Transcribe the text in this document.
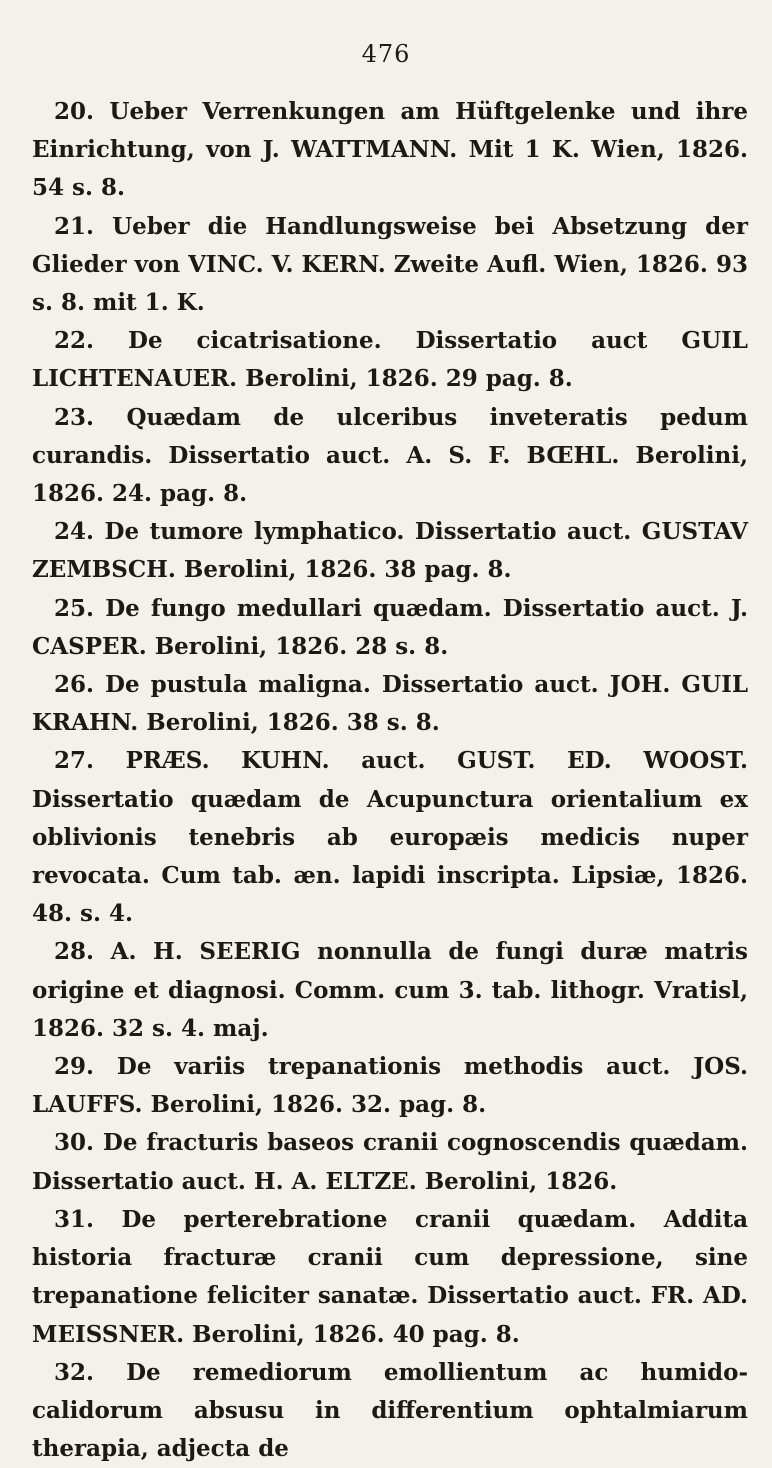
476

20. Ueber Verrenkungen am Hüftgelenke und ihre Einrichtung, von J. WATTMANN. Mit 1 K. Wien, 1826. 54 s. 8.

21. Ueber die Handlungsweise bei Absetzung der Glieder von VINC. V. KERN. Zweite Aufl. Wien, 1826. 93 s. 8. mit 1. K.

22. De cicatrisatione. Dissertatio auct GUIL LICHTENAUER. Berolini, 1826. 29 pag. 8.

23. Quædam de ulceribus inveteratis pedum curandis. Dissertatio auct. A. S. F. BŒHL. Berolini, 1826. 24. pag. 8.

24. De tumore lymphatico. Dissertatio auct. GUSTAV ZEMBSCH. Berolini, 1826. 38 pag. 8.

25. De fungo medullari quædam. Dissertatio auct. J. CASPER. Berolini, 1826. 28 s. 8.

26. De pustula maligna. Dissertatio auct. JOH. GUIL KRAHN. Berolini, 1826. 38 s. 8.

27. PRÆS. KUHN. auct. GUST. ED. WOOST. Dissertatio quædam de Acupunctura orientalium ex oblivionis tenebris ab europæis medicis nuper revocata. Cum tab. æn. lapidi inscripta. Lipsiæ, 1826. 48. s. 4.

28. A. H. SEERIG nonnulla de fungi duræ matris origine et diagnosi. Comm. cum 3. tab. lithogr. Vratisl, 1826. 32 s. 4. maj.

29. De variis trepanationis methodis auct. JOS. LAUFFS. Berolini, 1826. 32. pag. 8.

30. De fracturis baseos cranii cognoscendis quædam. Dissertatio auct. H. A. ELTZE. Berolini, 1826.

31. De perterebratione cranii quædam. Addita historia fracturæ cranii cum depressione, sine trepanatione feliciter sanatæ. Dissertatio auct. FR. AD. MEISSNER. Berolini, 1826. 40 pag. 8.

32. De remediorum emollientum ac humido-calidorum absusu in differentium ophtalmiarum therapia, adjecta de
